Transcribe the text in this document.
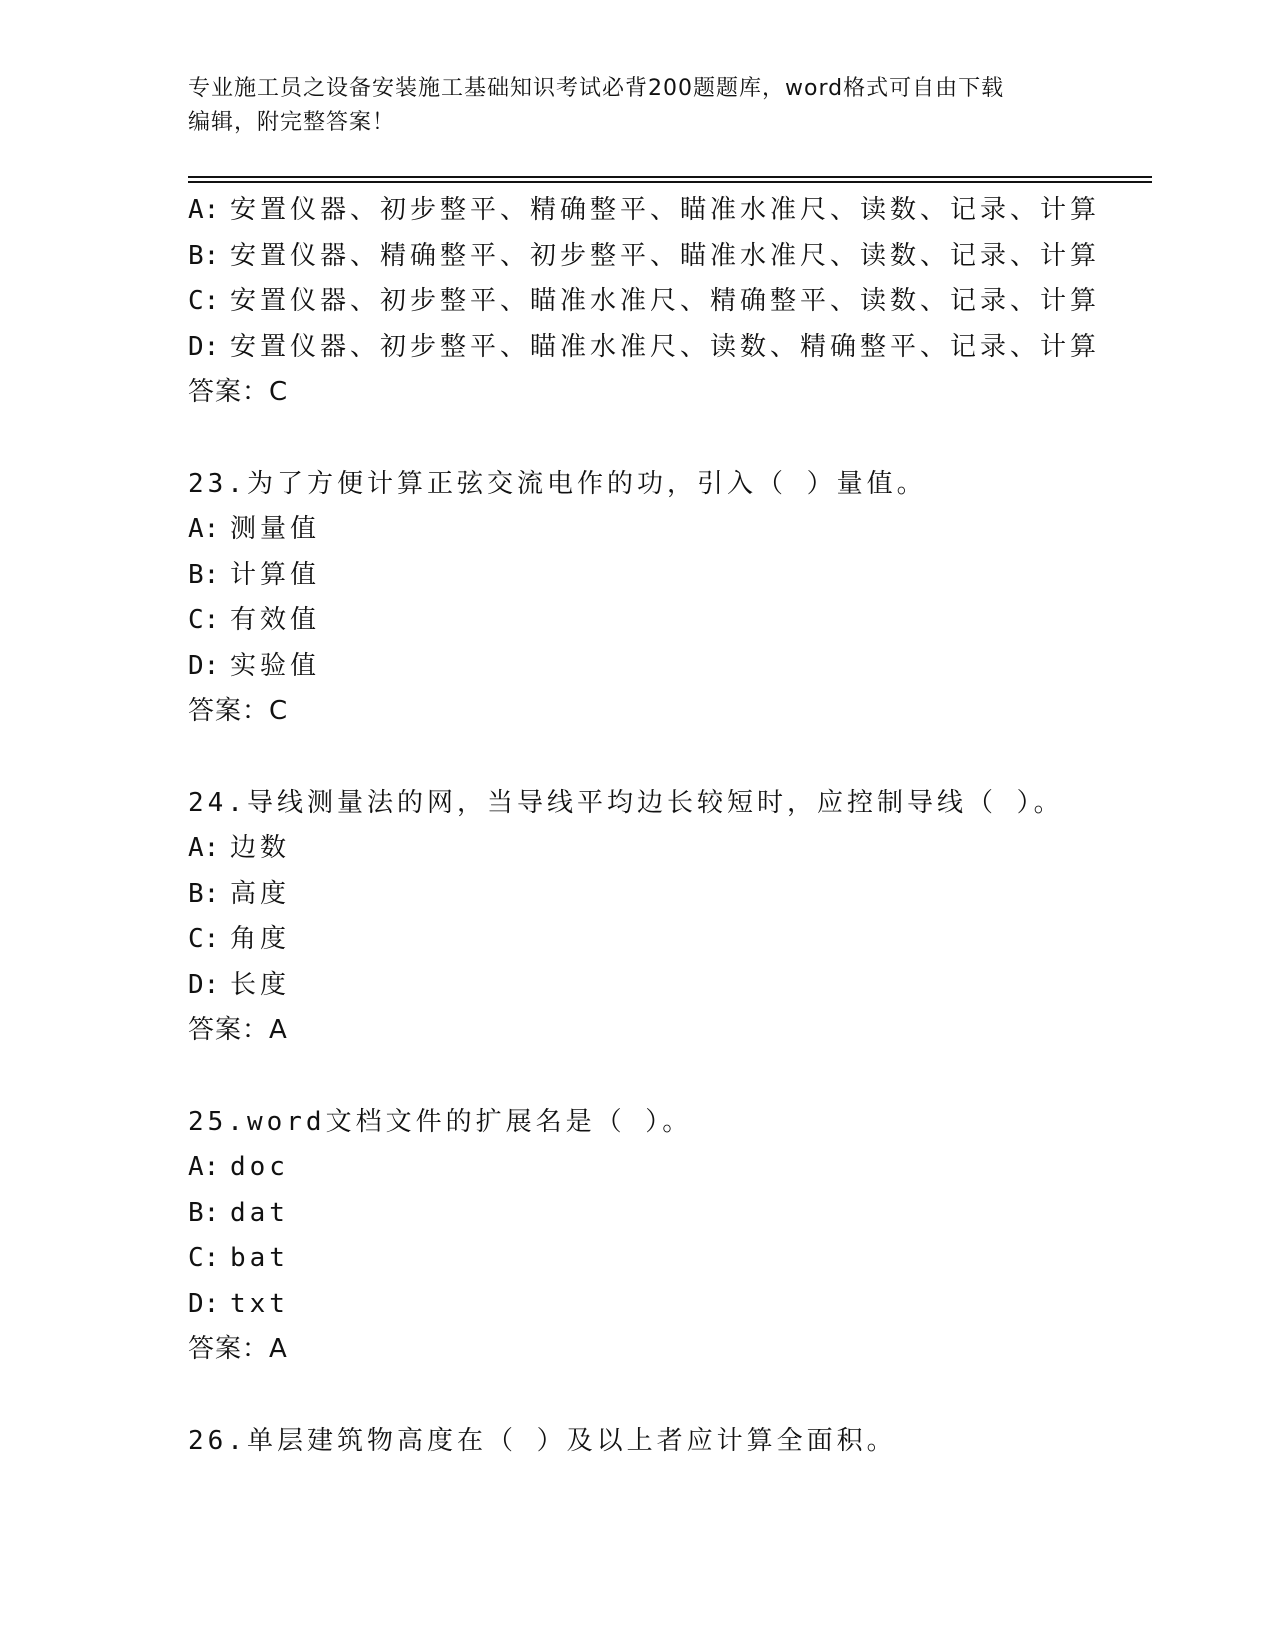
专业施工员之设备安装施工基础知识考试必背200题题库，word格式可自由下载
编辑，附完整答案！
A: 安置仪器、初步整平、精确整平、瞄准水准尺、读数、记录、计算
B: 安置仪器、精确整平、初步整平、瞄准水准尺、读数、记录、计算
C: 安置仪器、初步整平、瞄准水准尺、精确整平、读数、记录、计算
D: 安置仪器、初步整平、瞄准水准尺、读数、精确整平、记录、计算
答案：C
23.为了方便计算正弦交流电作的功，引入（ ）量值。
A: 测量值
B: 计算值
C: 有效值
D: 实验值
答案：C
24.导线测量法的网，当导线平均边长较短时，应控制导线（ ）。
A: 边数
B: 高度
C: 角度
D: 长度
答案：A
25.word文档文件的扩展名是（ ）。
A: doc
B: dat
C: bat
D: txt
答案：A
26.单层建筑物高度在（ ）及以上者应计算全面积。
